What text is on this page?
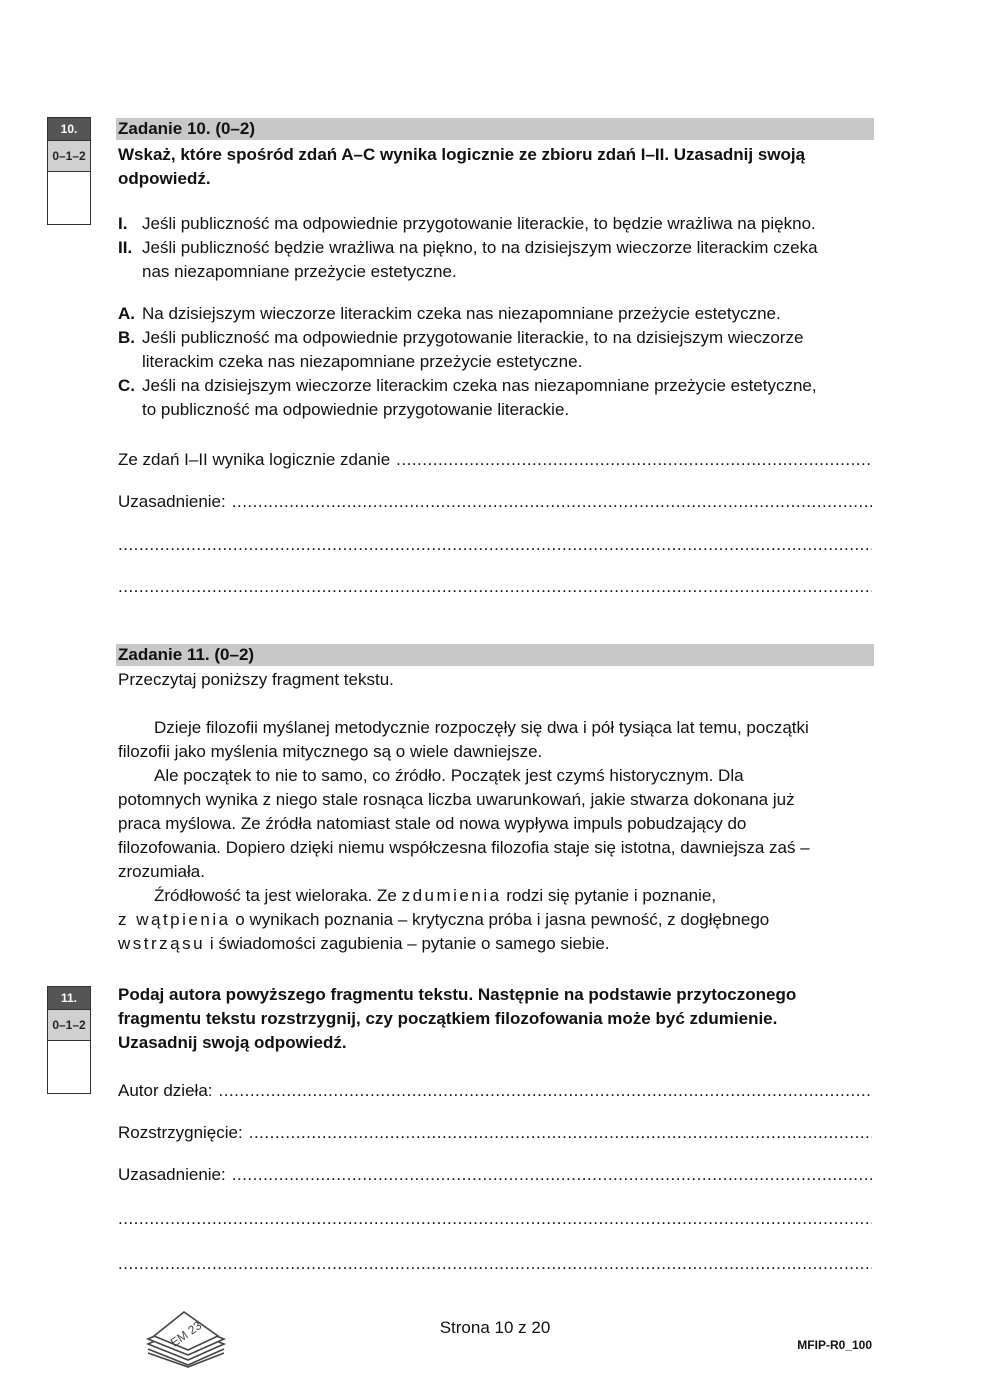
10.
0–1–2
Zadanie 10. (0–2)
Wskaż, które spośród zdań A–C wynika logicznie ze zbioru zdań I–II. Uzasadnij swoją
odpowiedź.
I. Jeśli publiczność ma odpowiednie przygotowanie literackie, to będzie wrażliwa na piękno.
II. Jeśli publiczność będzie wrażliwa na piękno, to na dzisiejszym wieczorze literackim czeka
nas niezapomniane przeżycie estetyczne.
A. Na dzisiejszym wieczorze literackim czeka nas niezapomniane przeżycie estetyczne.
B. Jeśli publiczność ma odpowiednie przygotowanie literackie, to na dzisiejszym wieczorze
literackim czeka nas niezapomniane przeżycie estetyczne.
C. Jeśli na dzisiejszym wieczorze literackim czeka nas niezapomniane przeżycie estetyczne,
to publiczność ma odpowiednie przygotowanie literackie.
Ze zdań I–II wynika logicznie zdanie
.....
Uzasadnienie:
.....
.....
.....
Zadanie 11. (0–2)
Przeczytaj poniższy fragment tekstu.
Dzieje filozofii myślanej metodycznie rozpoczęły się dwa i pół tysiąca lat temu, początki
filozofii jako myślenia mitycznego są o wiele dawniejsze.
Ale początek to nie to samo, co źródło. Początek jest czymś historycznym. Dla
potomnych wynika z niego stale rosnąca liczba uwarunkowań, jakie stwarza dokonana już
praca myślowa. Ze źródła natomiast stale od nowa wypływa impuls pobudzający do
filozofowania. Dopiero dzięki niemu współczesna filozofia staje się istotna, dawniejsza zaś –
zrozumiała.
Źródłowość ta jest wieloraka. Ze zdumienia rodzi się pytanie i poznanie,
z wątpienia o wynikach poznania – krytyczna próba i jasna pewność, z dogłębnego
wstrząsu i świadomości zagubienia – pytanie o samego siebie.
11.
0–1–2
Podaj autora powyższego fragmentu tekstu. Następnie na podstawie przytoczonego
fragmentu tekstu rozstrzygnij, czy początkiem filozofowania może być zdumienie.
Uzasadnij swoją odpowiedź.
Autor dzieła:
.....
Rozstrzygnięcie:
.....
Uzasadnienie:
.....
.....
.....
EM 23	Strona 10 z 20
MFIP-R0_100
